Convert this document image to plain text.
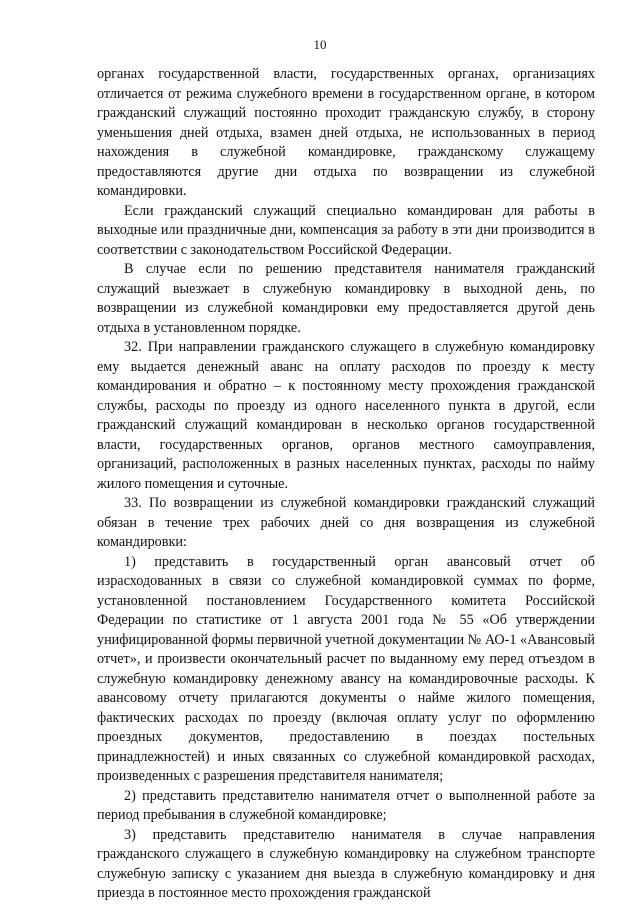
10

органах государственной власти, государственных органах, организациях отличается от режима служебного времени в государственном органе, в котором гражданский служащий постоянно проходит гражданскую службу, в сторону уменьшения дней отдыха, взамен дней отдыха, не использованных в период нахождения в служебной командировке, гражданскому служащему предоставляются другие дни отдыха по возвращении из служебной командировки.

Если гражданский служащий специально командирован для работы в выходные или праздничные дни, компенсация за работу в эти дни производится в соответствии с законодательством Российской Федерации.

В случае если по решению представителя нанимателя гражданский служащий выезжает в служебную командировку в выходной день, по возвращении из служебной командировки ему предоставляется другой день отдыха в установленном порядке.

32. При направлении гражданского служащего в служебную командировку ему выдается денежный аванс на оплату расходов по проезду к месту командирования и обратно – к постоянному месту прохождения гражданской службы, расходы по проезду из одного населенного пункта в другой, если гражданский служащий командирован в несколько органов государственной власти, государственных органов, органов местного самоуправления, организаций, расположенных в разных населенных пунктах, расходы по найму жилого помещения и суточные.

33. По возвращении из служебной командировки гражданский служащий обязан в течение трех рабочих дней со дня возвращения из служебной командировки:

1) представить в государственный орган авансовый отчет об израсходованных в связи со служебной командировкой суммах по форме, установленной постановлением Государственного комитета Российской Федерации по статистике от 1 августа 2001 года № 55 «Об утверждении унифицированной формы первичной учетной документации № АО-1 «Авансовый отчет», и произвести окончательный расчет по выданному ему перед отъездом в служебную командировку денежному авансу на командировочные расходы. К авансовому отчету прилагаются документы о найме жилого помещения, фактических расходах по проезду (включая оплату услуг по оформлению проездных документов, предоставлению в поездах постельных принадлежностей) и иных связанных со служебной командировкой расходах, произведенных с разрешения представителя нанимателя;

2) представить представителю нанимателя отчет о выполненной работе за период пребывания в служебной командировке;

3) представить представителю нанимателя в случае направления гражданского служащего в служебную командировку на служебном транспорте служебную записку с указанием дня выезда в служебную командировку и дня приезда в постоянное место прохождения гражданской
